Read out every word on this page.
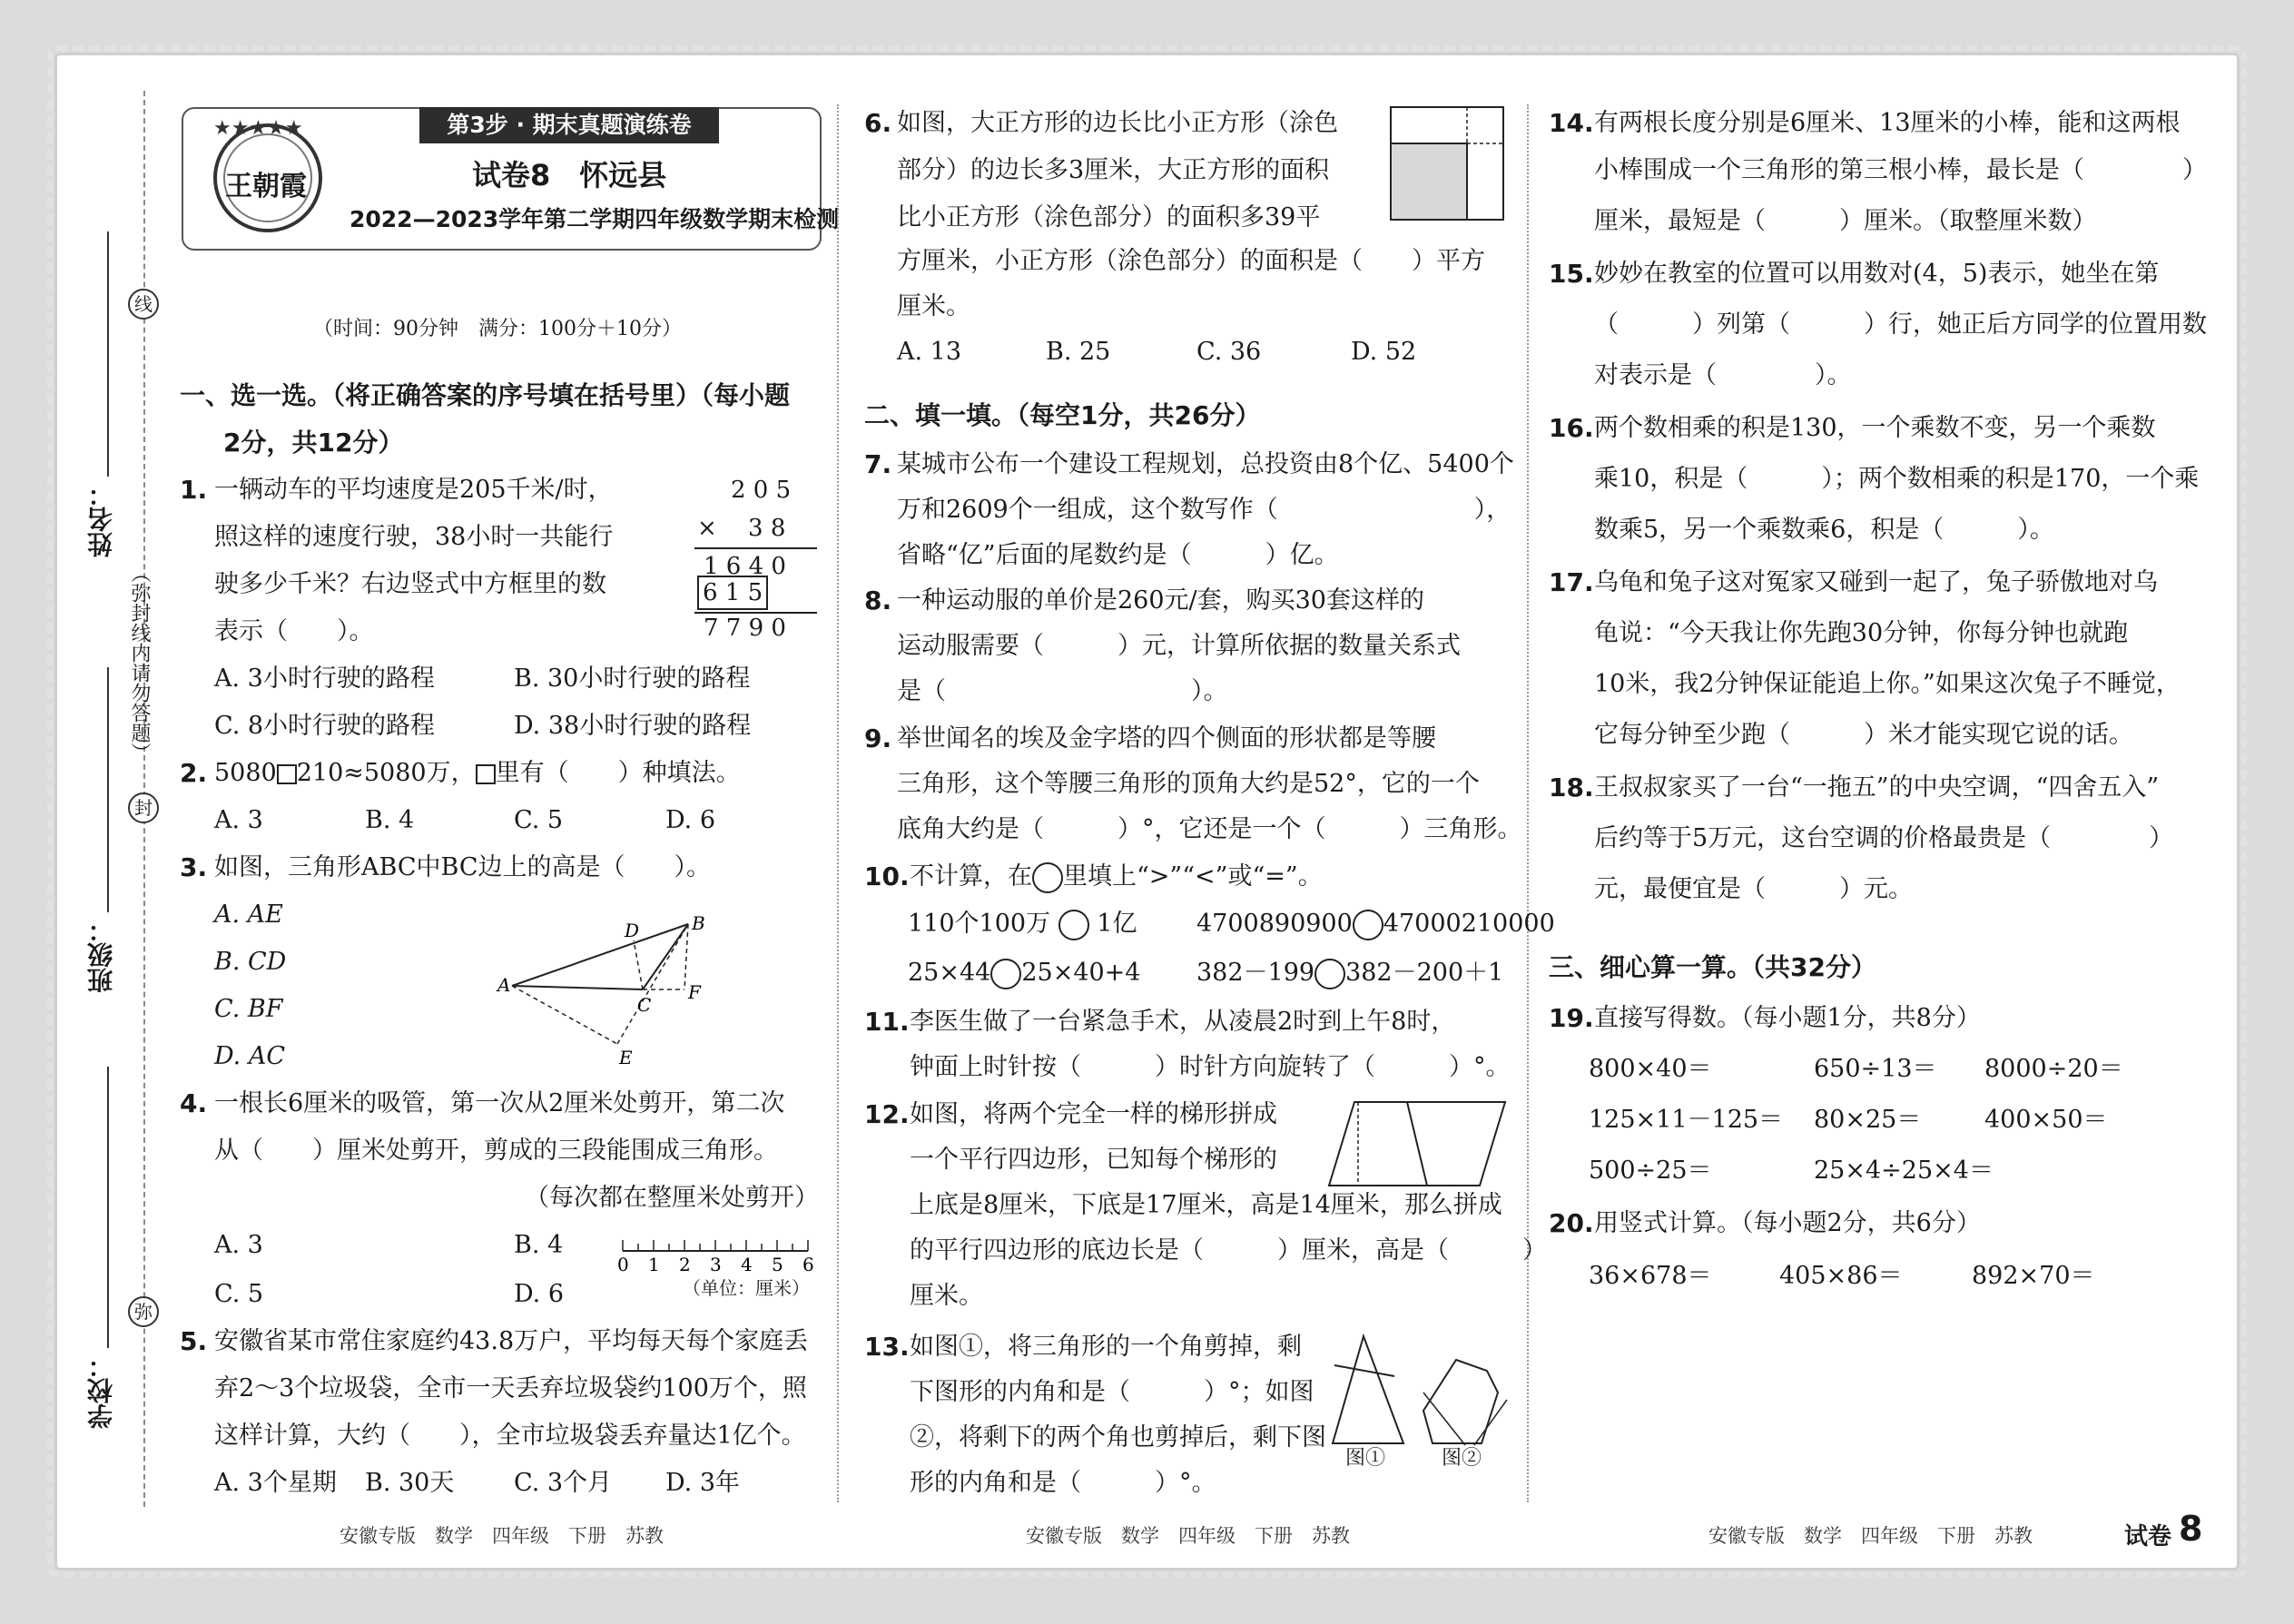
姓名：
班级：
学校：
（弥封线内请勿答题）
线
封
弥
第3步 · 期末真题演练卷
★★★★★
王朝霞	试卷8　怀远县
2022—2023学年第二学期四年级数学期末检测
（时间：90分钟　满分：100分＋10分）
一、选一选。（将正确答案的序号填在括号里）（每小题
2分，共12分）
1. 一辆动车的平均速度是205千米/时，
照这样的速度行驶，38小时一共能行
驶多少千米？右边竖式中方框里的数
表示（　　）。
2 0 5
×　 3 8
1 6 4 0
6 1 5
7 7 9 0
A. 3小时行驶的路程	B. 30小时行驶的路程
C. 8小时行驶的路程	D. 38小时行驶的路程
2. 5080 210≈5080万， 里有（　　）种填法。
A. 3	B. 4	C. 5	D. 6
3. 如图，三角形ABC中BC边上的高是（　　）。
A. AE
B. CD
C. BF
D. AC
A
D	B
F
C
E
4. 一根长6厘米的吸管，第一次从2厘米处剪开，第二次
从（　　）厘米处剪开，剪成的三段能围成三角形。
（每次都在整厘米处剪开）
A. 3	B. 4
C. 5	D. 6
0 1 2 3 4 5 6
（单位：厘米）
5. 安徽省某市常住家庭约43.8万户，平均每天每个家庭丢
弃2～3个垃圾袋，全市一天丢弃垃圾袋约100万个，照
这样计算，大约（　　），全市垃圾袋丢弃量达1亿个。
A. 3个星期 B. 30天 C. 3个月 D. 3年
6. 如图，大正方形的边长比小正方形（涂色
部分）的边长多3厘米，大正方形的面积
比小正方形（涂色部分）的面积多39平
方厘米，小正方形（涂色部分）的面积是（　　）平方
厘米。
A. 13	B. 25	C. 36	D. 52
二、填一填。（每空1分，共26分）
7. 某城市公布一个建设工程规划，总投资由8个亿、5400个
万和2609个一组成，这个数写作（　　　　　　　　），
省略“亿”后面的尾数约是（　　　）亿。
8. 一种运动服的单价是260元/套，购买30套这样的
运动服需要（　　　）元，计算所依据的数量关系式
是（　　　　　　　　　　）。
9. 举世闻名的埃及金字塔的四个侧面的形状都是等腰
三角形，这个等腰三角形的顶角大约是52°，它的一个
底角大约是（　　　）°，它还是一个（　　　）三角形。
10. 不计算，在 里填上“>”“<”或“=”。
110个100万 1亿 4700890900 47000210000
25×44 25×40+4 382－199 382－200＋1
11. 李医生做了一台紧急手术，从凌晨2时到上午8时，
钟面上时针按（　　　）时针方向旋转了（　　　）°。
12. 如图，将两个完全一样的梯形拼成
一个平行四边形，已知每个梯形的
上底是8厘米，下底是17厘米，高是14厘米，那么拼成
的平行四边形的底边长是（　　　）厘米，高是（　　　）
厘米。
13. 如图①，将三角形的一个角剪掉，剩
下图形的内角和是（　　　）°；如图
②，将剩下的两个角也剪掉后，剩下图
形的内角和是（　　　）°。
图①	图②
14. 有两根长度分别是6厘米、13厘米的小棒，能和这两根
小棒围成一个三角形的第三根小棒，最长是（　　　　）
厘米，最短是（　　　）厘米。（取整厘米数）
15. 妙妙在教室的位置可以用数对(4，5)表示，她坐在第
（　　　）列第（　　　）行，她正后方同学的位置用数
对表示是（　　　　）。
16. 两个数相乘的积是130，一个乘数不变，另一个乘数
乘10，积是（　　　）；两个数相乘的积是170，一个乘
数乘5，另一个乘数乘6，积是（　　　）。
17. 乌龟和兔子这对冤家又碰到一起了，兔子骄傲地对乌
龟说：“今天我让你先跑30分钟，你每分钟也就跑
10米，我2分钟保证能追上你。”如果这次兔子不睡觉，
它每分钟至少跑（　　　）米才能实现它说的话。
18. 王叔叔家买了一台“一拖五”的中央空调，“四舍五入”
后约等于5万元，这台空调的价格最贵是（　　　　）
元，最便宜是（　　　）元。
三、细心算一算。（共32分）
19. 直接写得数。（每小题1分，共8分）
800×40＝	650÷13＝ 8000÷20＝
125×11－125＝ 80×25＝	400×50＝
500÷25＝	25×4÷25×4＝
20. 用竖式计算。（每小题2分，共6分）
36×678＝	405×86＝	892×70＝
安徽专版　数学　四年级　下册　苏教	安徽专版　数学　四年级　下册　苏教	安徽专版　数学　四年级　下册　苏教	试卷 8
